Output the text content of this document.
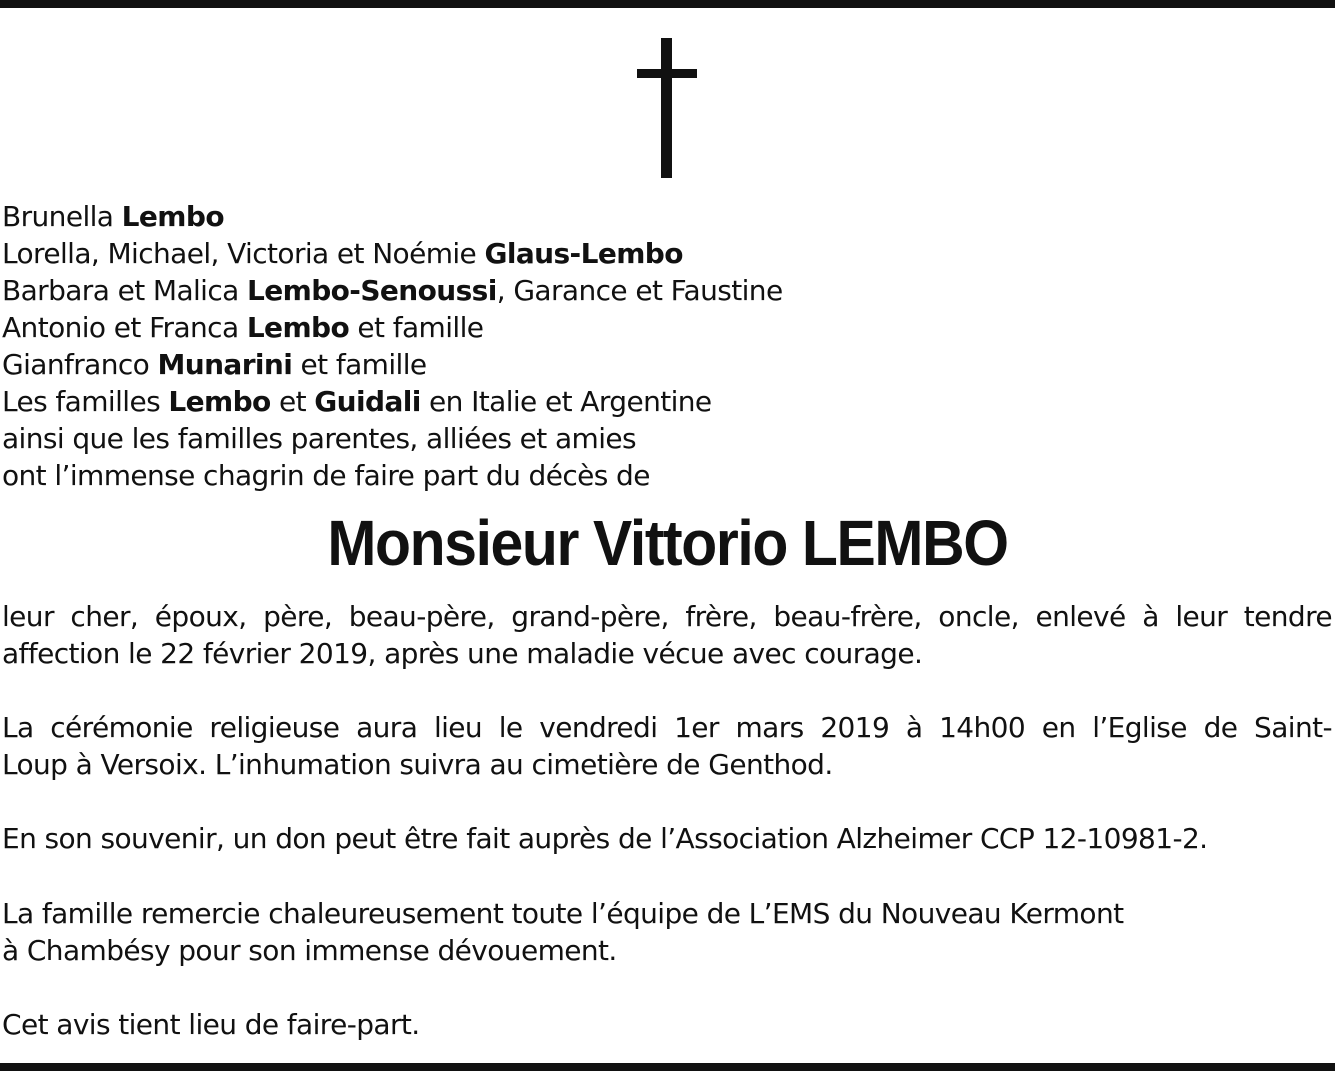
Brunella Lembo
Lorella, Michael, Victoria et Noémie Glaus-Lembo
Barbara et Malica Lembo-Senoussi, Garance et Faustine
Antonio et Franca Lembo et famille
Gianfranco Munarini et famille
Les familles Lembo et Guidali en Italie et Argentine
ainsi que les familles parentes, alliées et amies
ont l’immense chagrin de faire part du décès de
Monsieur Vittorio LEMBO
leur cher, époux, père, beau-père, grand-père, frère, beau-frère, oncle, enlevé à leur tendre
affection le 22 février 2019, après une maladie vécue avec courage.
La cérémonie religieuse aura lieu le vendredi 1er mars 2019 à 14h00 en l’Eglise de Saint-
Loup à Versoix. L’inhumation suivra au cimetière de Genthod.
En son souvenir, un don peut être fait auprès de l’Association Alzheimer CCP 12-10981-2.
La famille remercie chaleureusement toute l’équipe de L’EMS du Nouveau Kermont
à Chambésy pour son immense dévouement.
Cet avis tient lieu de faire-part.
